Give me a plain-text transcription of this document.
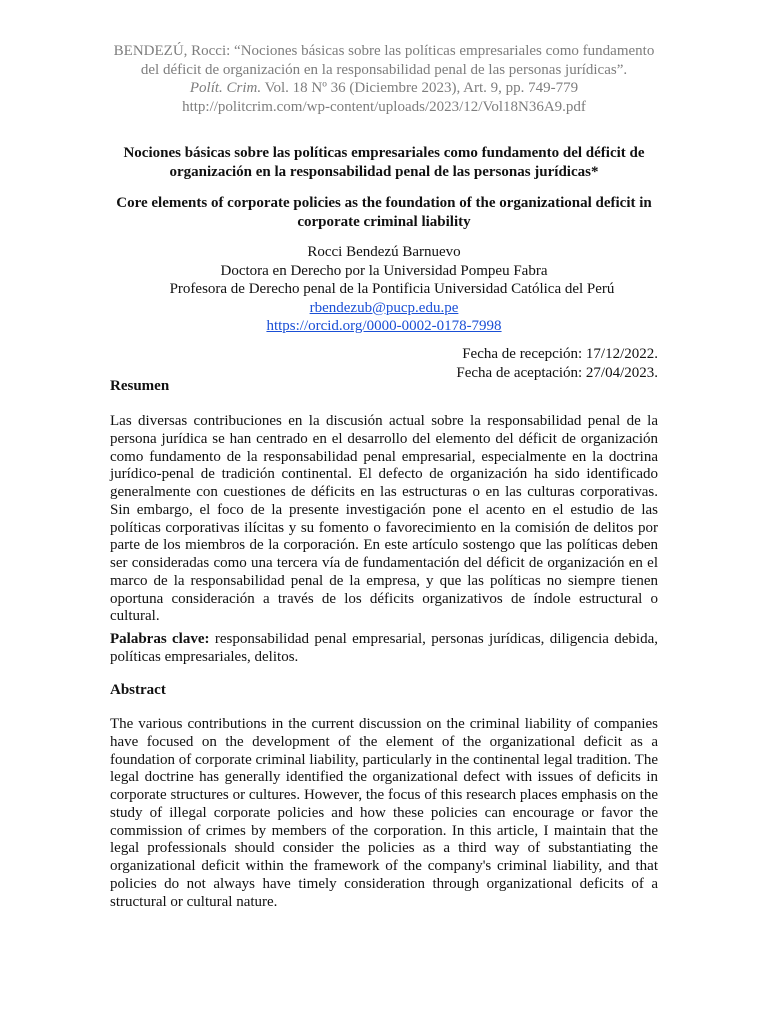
BENDEZÚ, Rocci: “Nociones básicas sobre las políticas empresariales como fundamento del déficit de organización en la responsabilidad penal de las personas jurídicas”.
Polít. Crim. Vol. 18 Nº 36 (Diciembre 2023), Art. 9, pp. 749-779
http://politcrim.com/wp-content/uploads/2023/12/Vol18N36A9.pdf
Nociones básicas sobre las políticas empresariales como fundamento del déficit de organización en la responsabilidad penal de las personas jurídicas*
Core elements of corporate policies as the foundation of the organizational deficit in corporate criminal liability
Rocci Bendezú Barnuevo
Doctora en Derecho por la Universidad Pompeu Fabra
Profesora de Derecho penal de la Pontificia Universidad Católica del Perú
rbendezub@pucp.edu.pe
https://orcid.org/0000-0002-0178-7998
Fecha de recepción: 17/12/2022.
Fecha de aceptación: 27/04/2023.
Resumen
Las diversas contribuciones en la discusión actual sobre la responsabilidad penal de la persona jurídica se han centrado en el desarrollo del elemento del déficit de organización como fundamento de la responsabilidad penal empresarial, especialmente en la doctrina jurídico-penal de tradición continental. El defecto de organización ha sido identificado generalmente con cuestiones de déficits en las estructuras o en las culturas corporativas. Sin embargo, el foco de la presente investigación pone el acento en el estudio de las políticas corporativas ilícitas y su fomento o favorecimiento en la comisión de delitos por parte de los miembros de la corporación. En este artículo sostengo que las políticas deben ser consideradas como una tercera vía de fundamentación del déficit de organización en el marco de la responsabilidad penal de la empresa, y que las políticas no siempre tienen oportuna consideración a través de los déficits organizativos de índole estructural o cultural.
Palabras clave: responsabilidad penal empresarial, personas jurídicas, diligencia debida, políticas empresariales, delitos.
Abstract
The various contributions in the current discussion on the criminal liability of companies have focused on the development of the element of the organizational deficit as a foundation of corporate criminal liability, particularly in the continental legal tradition. The legal doctrine has generally identified the organizational defect with issues of deficits in corporate structures or cultures. However, the focus of this research places emphasis on the study of illegal corporate policies and how these policies can encourage or favor the commission of crimes by members of the corporation. In this article, I maintain that the legal professionals should consider the policies as a third way of substantiating the organizational deficit within the framework of the company's criminal liability, and that policies do not always have timely consideration through organizational deficits of a structural or cultural nature.
